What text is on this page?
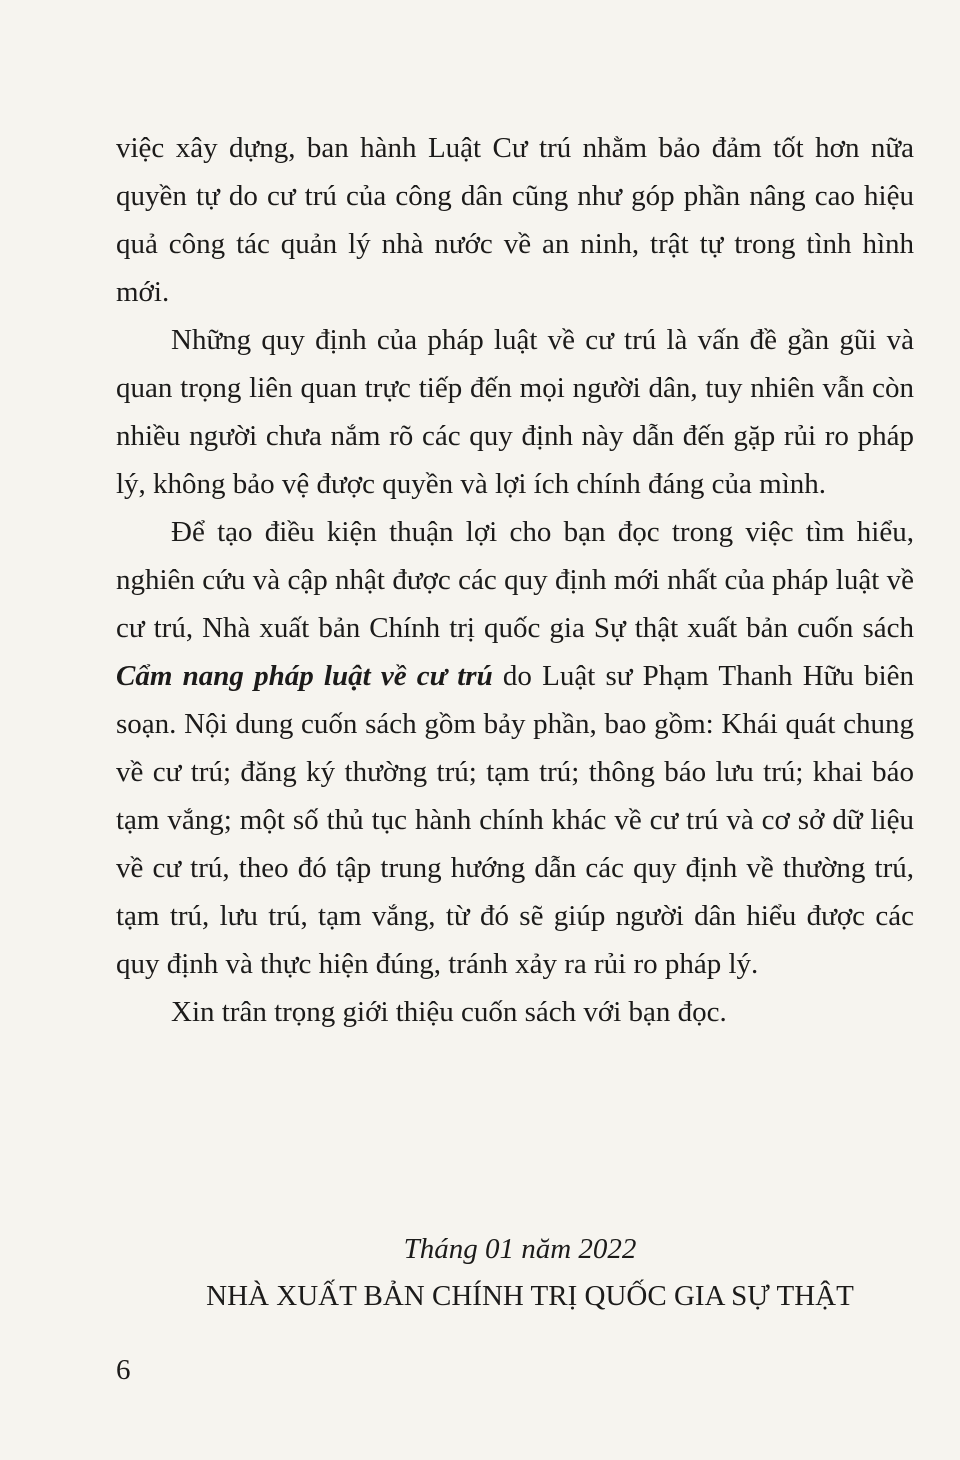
việc xây dựng, ban hành Luật Cư trú nhằm bảo đảm tốt hơn nữa quyền tự do cư trú của công dân cũng như góp phần nâng cao hiệu quả công tác quản lý nhà nước về an ninh, trật tự trong tình hình mới.

Những quy định của pháp luật về cư trú là vấn đề gần gũi và quan trọng liên quan trực tiếp đến mọi người dân, tuy nhiên vẫn còn nhiều người chưa nắm rõ các quy định này dẫn đến gặp rủi ro pháp lý, không bảo vệ được quyền và lợi ích chính đáng của mình.

Để tạo điều kiện thuận lợi cho bạn đọc trong việc tìm hiểu, nghiên cứu và cập nhật được các quy định mới nhất của pháp luật về cư trú, Nhà xuất bản Chính trị quốc gia Sự thật xuất bản cuốn sách Cẩm nang pháp luật về cư trú do Luật sư Phạm Thanh Hữu biên soạn. Nội dung cuốn sách gồm bảy phần, bao gồm: Khái quát chung về cư trú; đăng ký thường trú; tạm trú; thông báo lưu trú; khai báo tạm vắng; một số thủ tục hành chính khác về cư trú và cơ sở dữ liệu về cư trú, theo đó tập trung hướng dẫn các quy định về thường trú, tạm trú, lưu trú, tạm vắng, từ đó sẽ giúp người dân hiểu được các quy định và thực hiện đúng, tránh xảy ra rủi ro pháp lý.

Xin trân trọng giới thiệu cuốn sách với bạn đọc.

Tháng 01 năm 2022
NHÀ XUẤT BẢN CHÍNH TRỊ QUỐC GIA SỰ THẬT
6
